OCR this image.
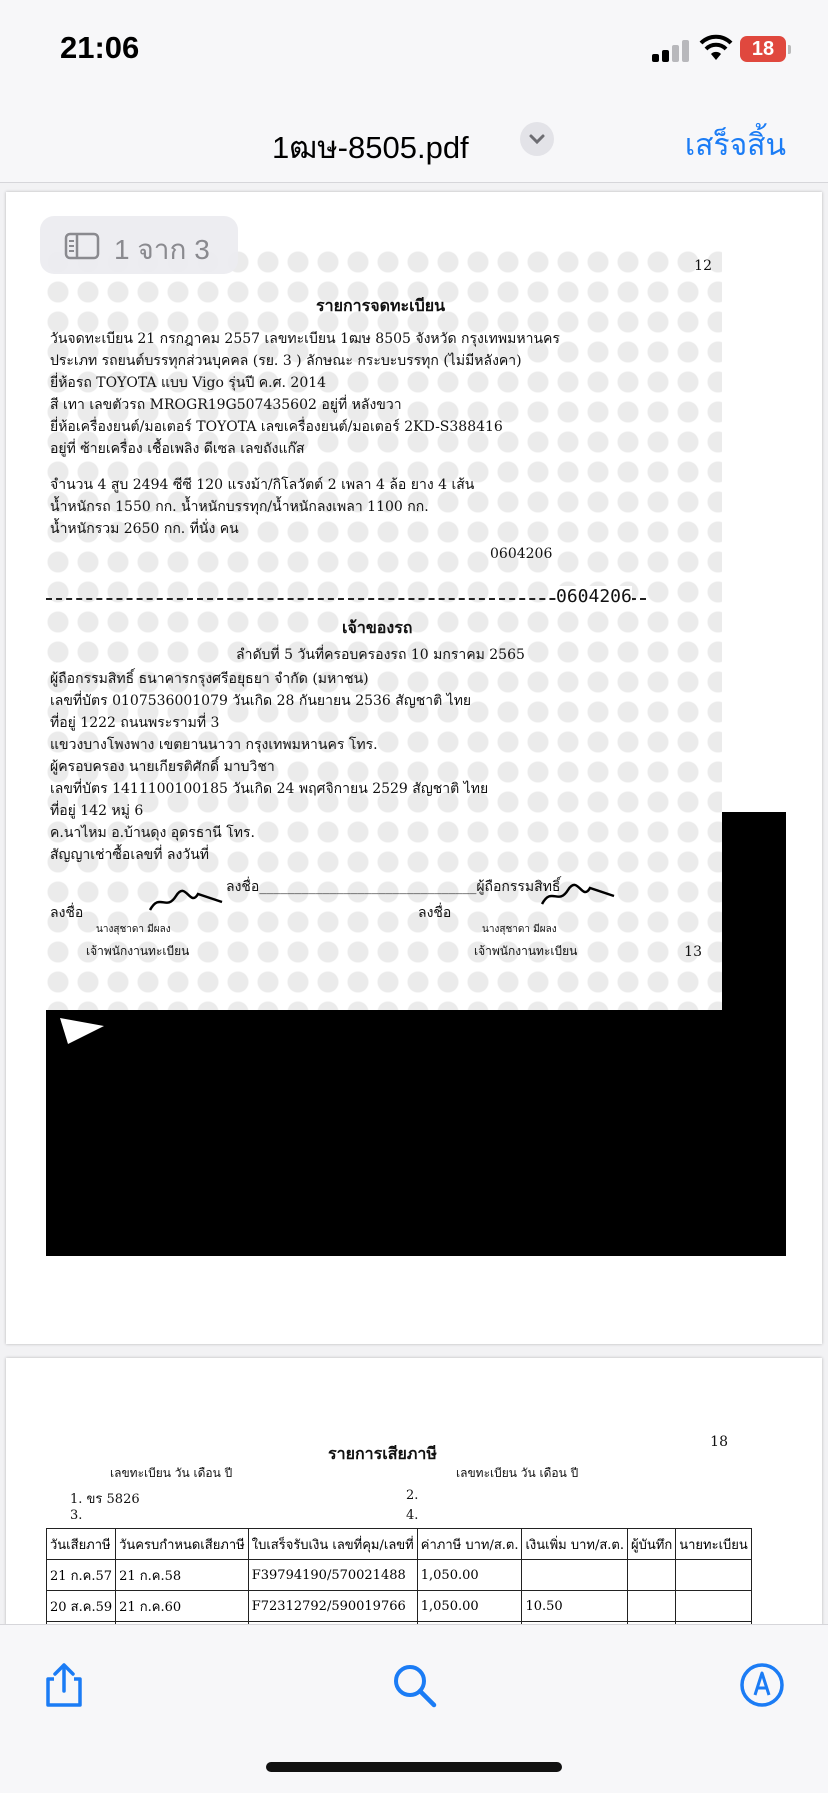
21:06	18
1ฒษ-8505.pdf	เสร็จสิ้น
1 จาก 3
12
รายการจดทะเบียน
วันจดทะเบียน 21 กรกฎาคม 2557 เลขทะเบียน 1ฒษ 8505 จังหวัด กรุงเทพมหานคร
ประเภท รถยนต์บรรทุกส่วนบุคคล (รย. 3 ) ลักษณะ กระบะบรรทุก (ไม่มีหลังคา)
ยี่ห้อรถ TOYOTA แบบ Vigo รุ่นปี ค.ศ. 2014
สี เทา เลขตัวรถ MROGR19G507435602 อยู่ที่ หลังขวา
ยี่ห้อเครื่องยนต์/มอเตอร์ TOYOTA เลขเครื่องยนต์/มอเตอร์ 2KD-S388416
อยู่ที่ ซ้ายเครื่อง เชื้อเพลิง ดีเซล เลขถังแก๊ส
จำนวน 4 สูบ 2494 ซีซี 120 แรงม้า/กิโลวัตต์ 2 เพลา 4 ล้อ ยาง 4 เส้น
น้ำหนักรถ 1550 กก. น้ำหนักบรรทุก/น้ำหนักลงเพลา 1100 กก.
น้ำหนักรวม 2650 กก. ที่นั่ง คน
0604206
0604206
เจ้าของรถ
ลำดับที่ 5 วันที่ครอบครองรถ 10 มกราคม 2565
ผู้ถือกรรมสิทธิ์ ธนาคารกรุงศรีอยุธยา จำกัด (มหาชน)
เลขที่บัตร 0107536001079 วันเกิด 28 กันยายน 2536 สัญชาติ ไทย
ที่อยู่ 1222 ถนนพระรามที่ 3
แขวงบางโพงพาง เขตยานนาวา กรุงเทพมหานคร โทร.
ผู้ครอบครอง นายเกียรติศักดิ์ มาบวิชา
เลขที่บัตร 1411100100185 วันเกิด 24 พฤศจิกายน 2529 สัญชาติ ไทย
ที่อยู่ 142 หมู่ 6
ค.นาไหม อ.บ้านดุง อุดรธานี โทร.
สัญญาเช่าซื้อเลขที่ ลงวันที่
ลงชื่อ_______________________________ผู้ถือกรรมสิทธิ์
ลงชื่อ	ลงชื่อ
นางสุชาดา มีผลง	นางสุชาดา มีผลง
เจ้าพนักงานทะเบียน	เจ้าพนักงานทะเบียน	13
18
รายการเสียภาษี
เลขทะเบียน วัน เดือน ปี	เลขทะเบียน วัน เดือน ปี
1. ขร 5826	2.
3.	4.
วันเสียภาษี	วันครบกำหนดเสียภาษี	ใบเสร็จรับเงิน เลขที่คุม/เลขที่	ค่าภาษี บาท/ส.ต.	เงินเพิ่ม บาท/ส.ต.	ผู้บันทึก	นายทะเบียน
21 ก.ค.57	21 ก.ค.58	F39794190/570021488	1,050.00			
20 ส.ค.59	21 ก.ค.60	F72312792/590019766	1,050.00	10.50		
